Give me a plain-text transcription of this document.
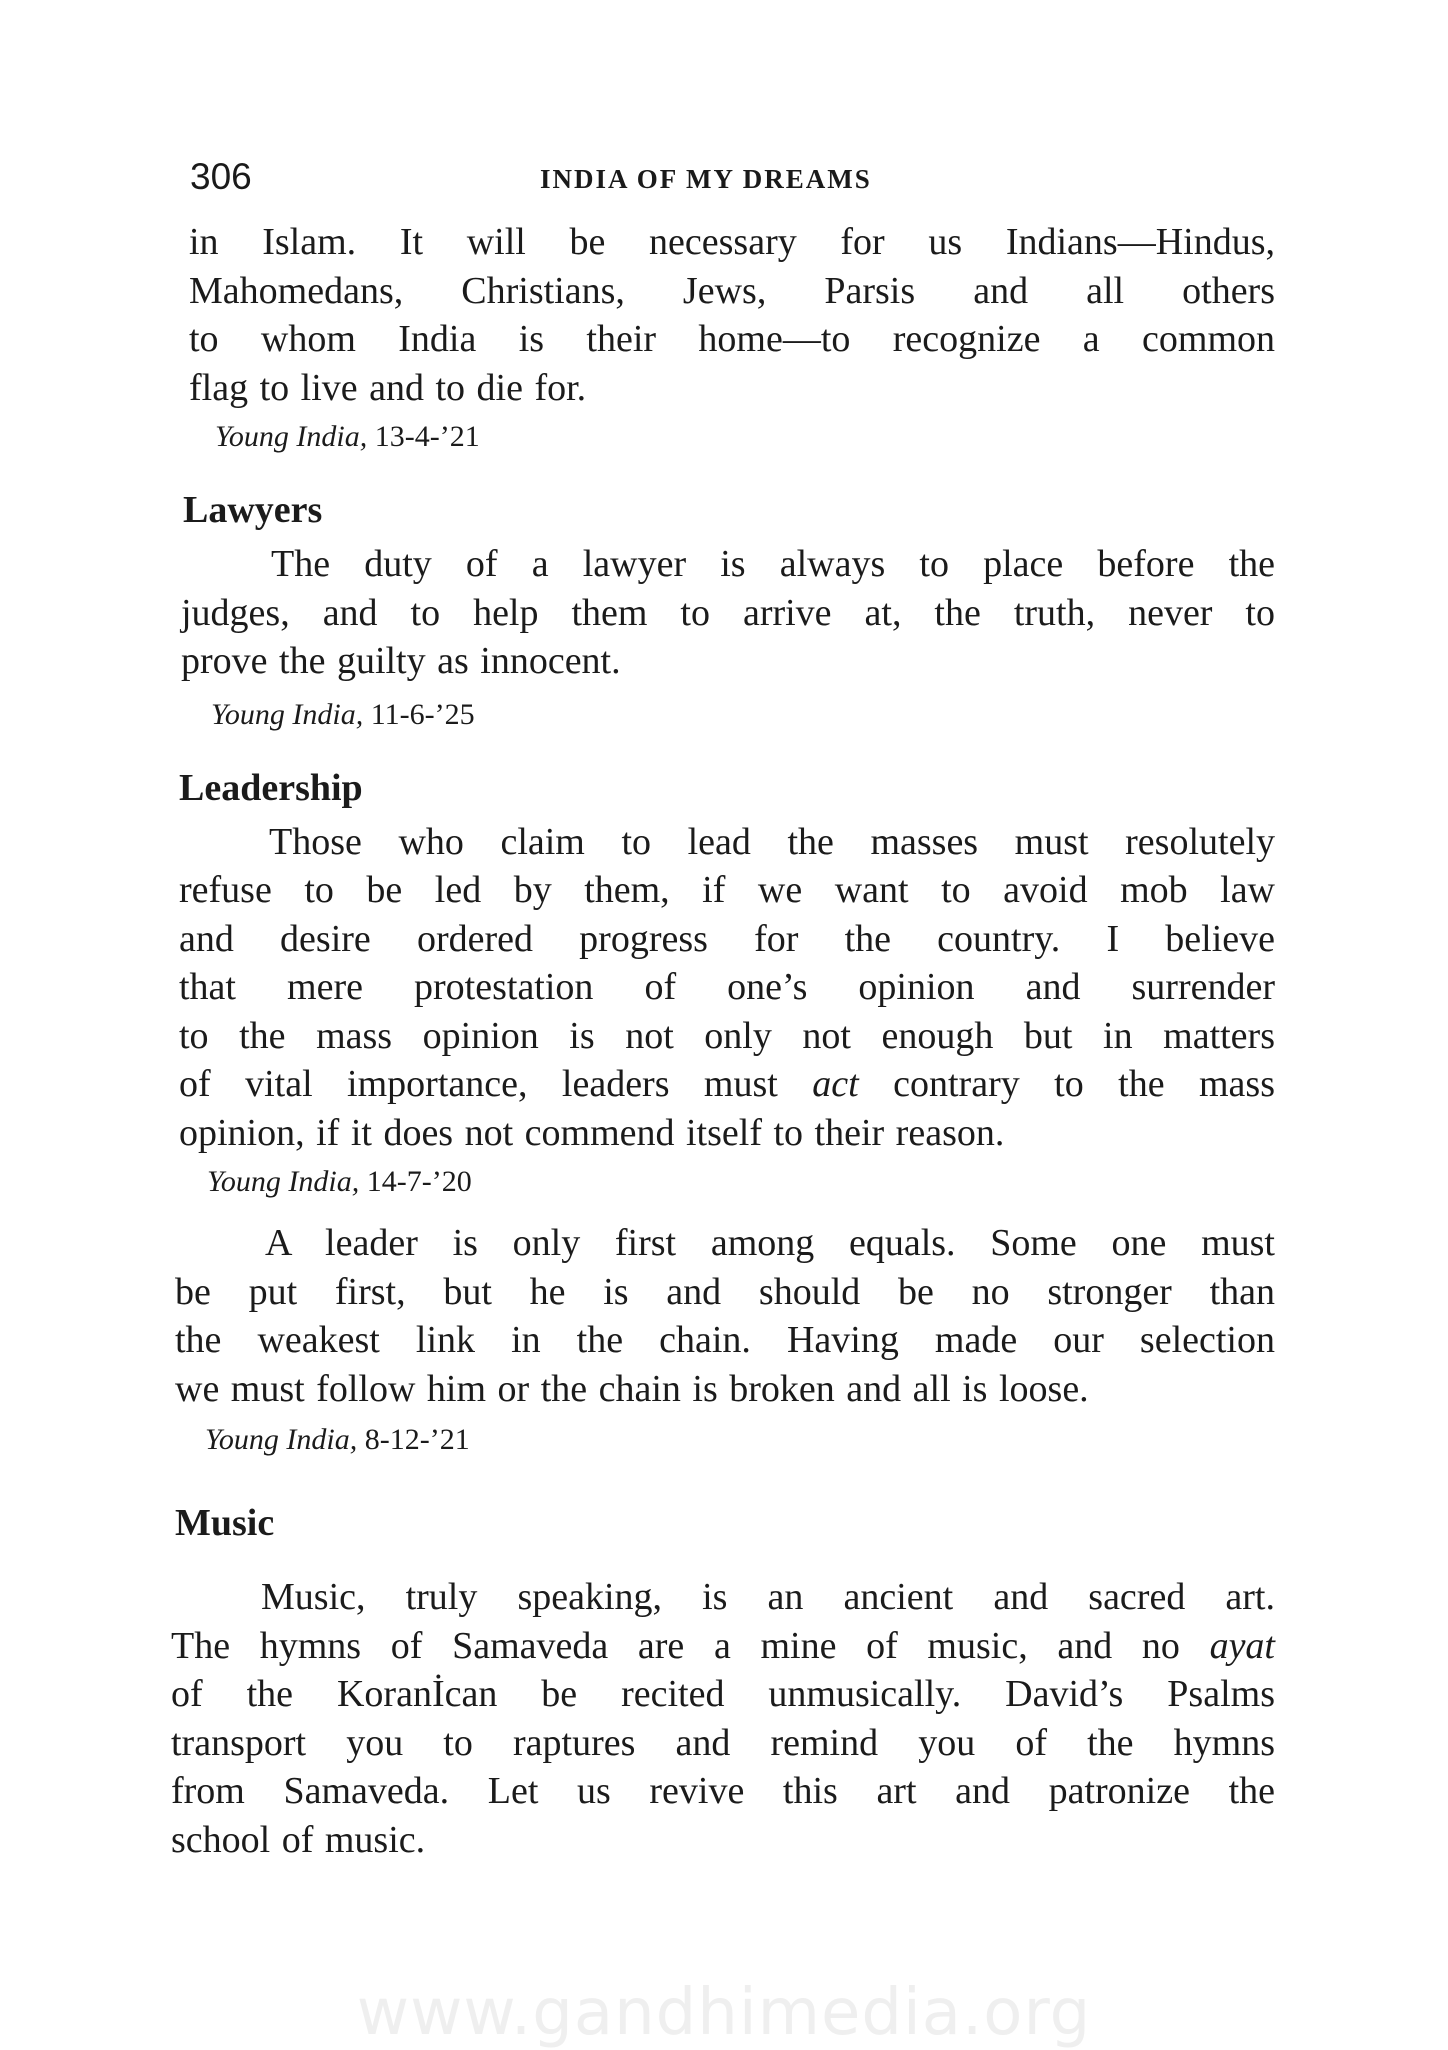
306	INDIA OF MY DREAMS

in Islam. It will be necessary for us Indians—Hindus,
Mahomedans, Christians, Jews, Parsis and all others
to whom India is their home—to recognize a common
flag to live and to die for.

Young India, 13-4-’21
Lawyers

The duty of a lawyer is always to place before the
judges, and to help them to arrive at, the truth, never to
prove the guilty as innocent.

Young India, 11-6-’25
Leadership

Those who claim to lead the masses must resolutely
refuse to be led by them, if we want to avoid mob law
and desire ordered progress for the country. I believe
that mere protestation of one’s opinion and surrender
to the mass opinion is not only not enough but in matters
of vital importance, leaders must act contrary to the mass
opinion, if it does not commend itself to their reason.

Young India, 14-7-’20

A leader is only first among equals. Some one must
be put first, but he is and should be no stronger than
the weakest link in the chain. Having made our selection
we must follow him or the chain is broken and all is loose.

Young India, 8-12-’21
Music

Music, truly speaking, is an ancient and sacred art.
The hymns of Samaveda are a mine of music, and no ayat
of the Koranİcan be recited unmusically. David’s Psalms
transport you to raptures and remind you of the hymns
from Samaveda. Let us revive this art and patronize the
school of music.

www.gandhimedia.org
